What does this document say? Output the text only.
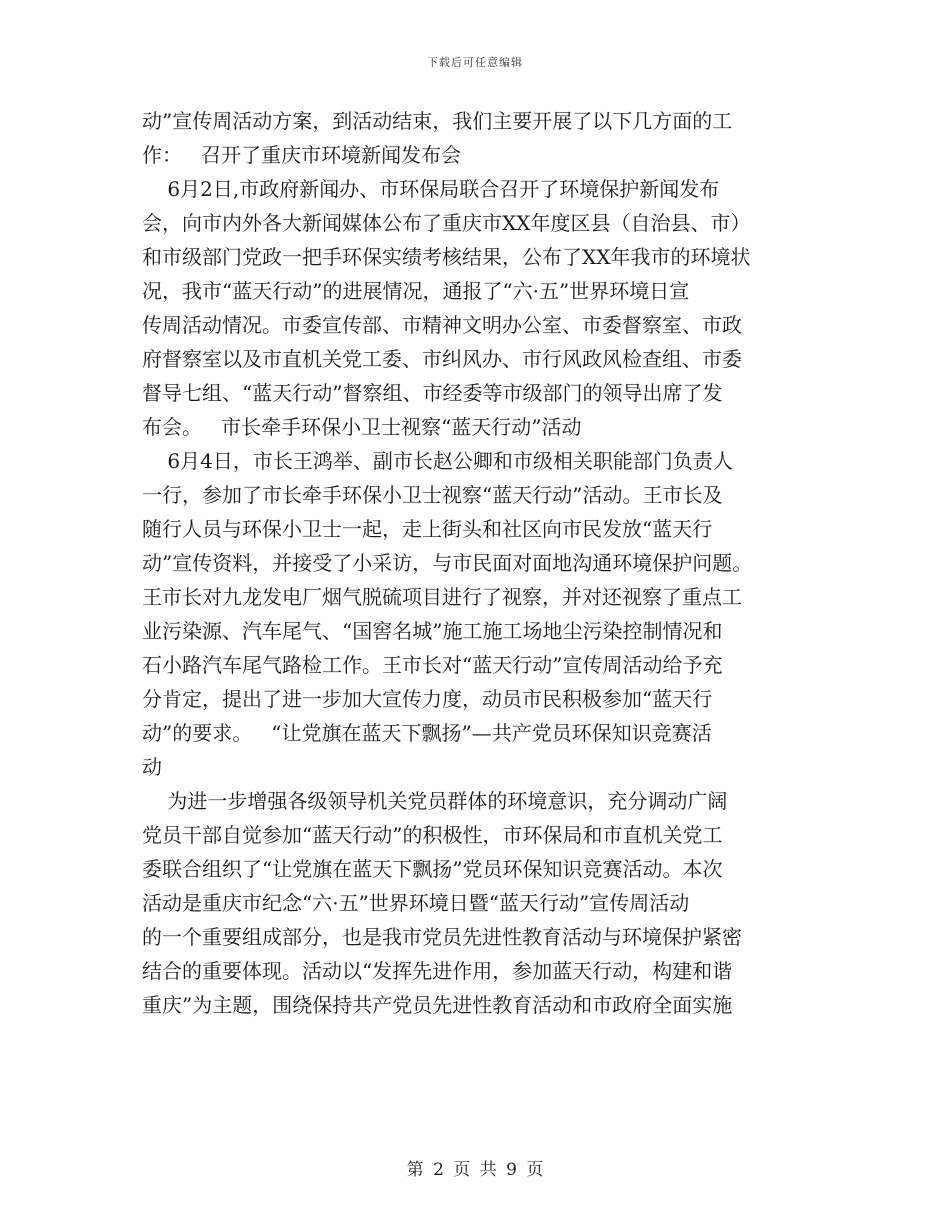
下载后可任意编辑
动”宣传周活动方案，到活动结束，我们主要开展了以下几方面的工
作：   召开了重庆市环境新闻发布会
6月2日,市政府新闻办、市环保局联合召开了环境保护新闻发布
会，向市内外各大新闻媒体公布了重庆市XX年度区县（自治县、市）
和市级部门党政一把手环保实绩考核结果，公布了XX年我市的环境状
况，我市“蓝天行动”的进展情况，通报了“六·五”世界环境日宣
传周活动情况。市委宣传部、市精神文明办公室、市委督察室、市政
府督察室以及市直机关党工委、市纠风办、市行风政风检查组、市委
督导七组、“蓝天行动”督察组、市经委等市级部门的领导出席了发
布会。   市长牵手环保小卫士视察“蓝天行动”活动
6月4日，市长王鸿举、副市长赵公卿和市级相关职能部门负责人
一行，参加了市长牵手环保小卫士视察“蓝天行动”活动。王市长及
随行人员与环保小卫士一起，走上街头和社区向市民发放“蓝天行
动”宣传资料，并接受了小采访，与市民面对面地沟通环境保护问题。
王市长对九龙发电厂烟气脱硫项目进行了视察，并对还视察了重点工
业污染源、汽车尾气、“国窖名城”施工施工场地尘污染控制情况和
石小路汽车尾气路检工作。王市长对“蓝天行动”宣传周活动给予充
分肯定，提出了进一步加大宣传力度，动员市民积极参加“蓝天行
动”的要求。   “让党旗在蓝天下飘扬”—共产党员环保知识竞赛活
动
为进一步增强各级领导机关党员群体的环境意识，充分调动广阔
党员干部自觉参加“蓝天行动”的积极性，市环保局和市直机关党工
委联合组织了“让党旗在蓝天下飘扬”党员环保知识竞赛活动。本次
活动是重庆市纪念“六·五”世界环境日暨“蓝天行动”宣传周活动
的一个重要组成部分，也是我市党员先进性教育活动与环境保护紧密
结合的重要体现。活动以“发挥先进作用，参加蓝天行动，构建和谐
重庆”为主题，围绕保持共产党员先进性教育活动和市政府全面实施
第 2 页 共 9 页
